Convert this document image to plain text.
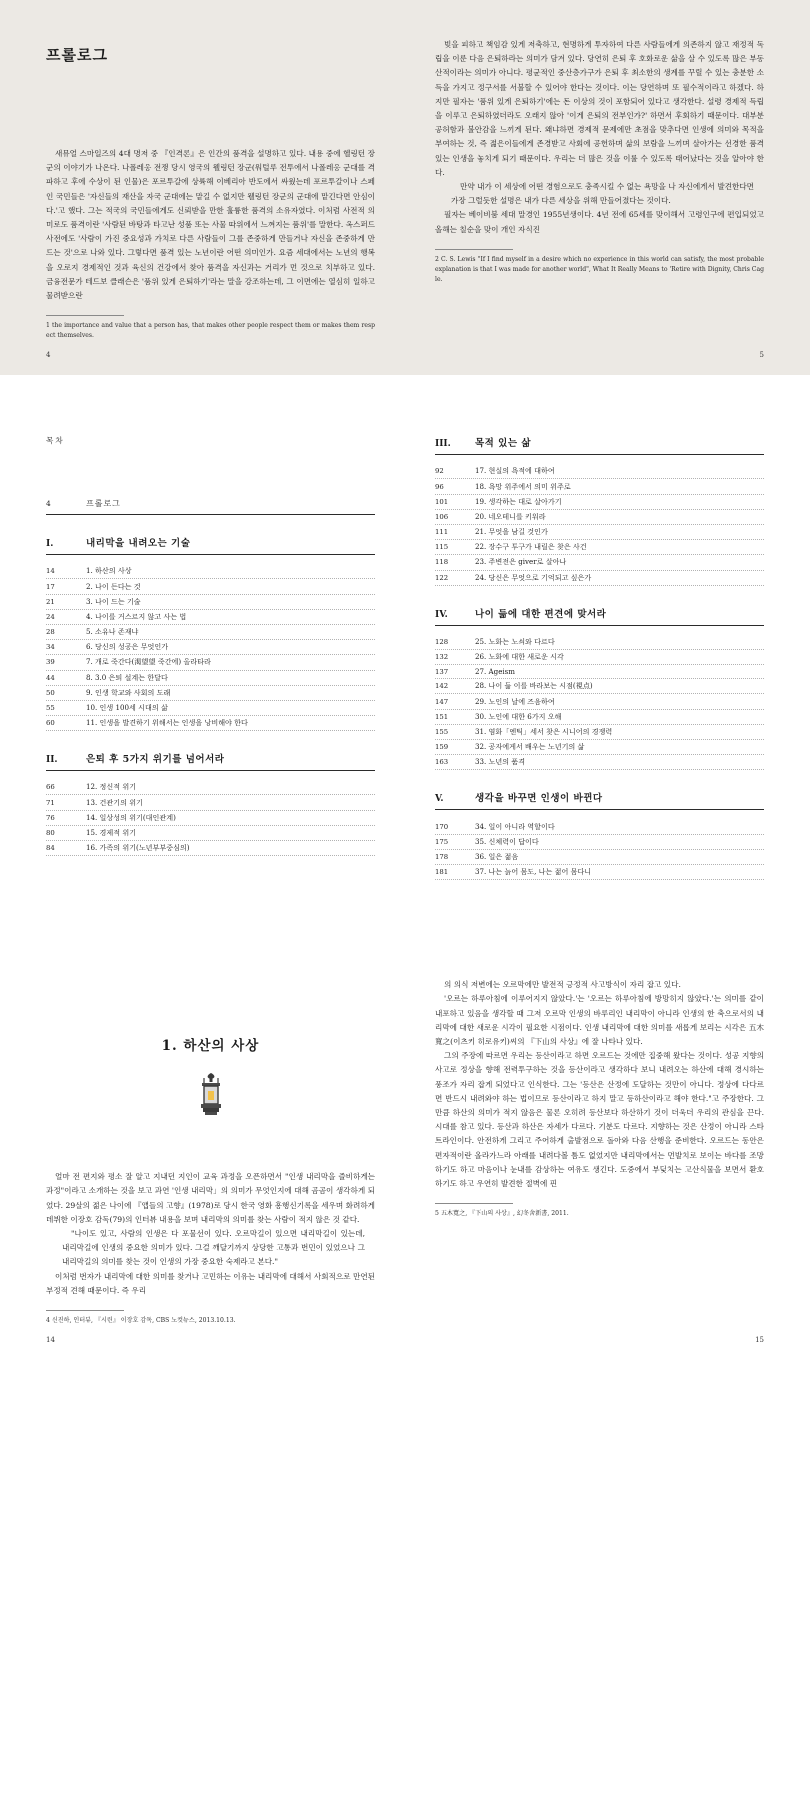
프롤로그

새뮤얼 스마일즈의 4대 명저 중 『인격론』은 인간의 품격을 설명하고 있다. 내용 중에 헬링턴 장군의 이야기가 나온다. 나폴레옹 전쟁 당시 영국의 웰링턴 장군(워털루 전투에서 나폴레옹 군대를 격파하고 후에 수상이 된 인물)은 포르투갈에 상륙해 이베리아 반도에서 싸웠는데 포르투갈이나 스페인 국민들은 '자신들의 재산을 자국 군대에는 맡길 수 없지만 웰링턴 장군의 군대에 맡긴다면 안심이다.'고 했다. 그는 적국의 국민들에게도 신뢰받을 만한 훌륭한 품격의 소유자였다. 이처럼 사전적 의미로도 품격이란 '사람된 바탕과 타고난 성품 또는 사물 따위에서 느껴지는 품위'를 말한다. 옥스퍼드 사전에도 '사람이 가진 중요성과 가치로 다른 사람들이 그를 존중하게 만들거나 자신을 존중하게 만드는 것'으로 나와 있다. 그렇다면 품격 있는 노년이란 어떤 의미인가. 요즘 세대에서는 노년의 행복을 오로지 경제적인 것과 육신의 건강에서 찾아 품격을 자신과는 거리가 먼 것으로 치부하고 있다. 금융전문가 테드보 클래슨은 '품위 있게 은퇴하기'라는 말을 강조하는데, 그 이면에는 열심히 일하고 물려받으란

1 the importance and value that a person has, that makes other people respect them or makes them respect themselves.
4

빚을 피하고 책임감 있게 저축하고, 현명하게 투자하여 다른 사람들에게 의존하지 않고 재정적 독립을 이룬 다음 은퇴하라는 의미가 담겨 있다. 당연히 은퇴 후 호화로운 삶을 살 수 있도록 많은 부동산적이라는 의미가 아니다. 평균적인 중산층가구가 은퇴 후 최소한의 생계를 꾸릴 수 있는 충분한 소득을 가지고 정구서를 서불할 수 있어야 한다는 것이다. 이는 당연하며 또 필수적이라고 하겠다. 하지만 필자는 '품위 있게 은퇴하기'에는 돈 이상의 것이 포함되어 있다고 생각한다. 설령 경제적 득립을 이루고 은퇴하였더라도 오래지 않아 '이게 은퇴의 전부인가?' 하면서 후회하기 때문이다. 대부분 공허함과 불안감을 느끼게 된다. 왜냐하면 경제적 문제에만 초점을 맞추다면 인생에 의미와 목적을 부여하는 것, 즉 젊은이들에게 존경받고 사회에 공헌하며 삶의 보람을 느끼며 살아가는 선경한 품격 있는 인생을 놓치게 되기 때문이다. 우리는 더 많은 것을 이룰 수 있도록 태어났다는 것을 알아야 한다.

만약 내가 이 세상에 어떤 경험으로도 충족시킬 수 없는 욕망을 나 자신에게서 발견한다면 가장 그럴듯한 설명은 내가 다른 세상을 위해 만들어졌다는 것이다.

필자는 베이비붐 세대 말경인 1955년생이다. 4년 전에 65세를 맞이해서 고령인구에 편입되었고 올해는 칠순을 맞이 개인 자식진

2 C. S. Lewis "If I find myself in a desire which no experience in this world can satisfy, the most probable explanation is that I was made for another world", What It Really Means to 'Retire with Dignity, Chris Cagle.
5
목차
4	프롤로그
I.	내리막을 내려오는 기술
14	1. 하산의 사상
17	2. 나이 든다는 것
21	3. 나이 드는 기술
24	4. 나이를 거스르지 않고 사는 법
28	5. 소유나 존재냐
34	6. 당신의 성공은 무엇인가
39	7. 개로 죽간다(渴望望 죽간에) 올라타라
44	8. 3.0 은퇴 설계는 한달다
50	9. 인생 학교와 사회의 도래
55	10. 인생 100세 시대의 삶
60	11. 인생을 발견하기 위해서는 인생을 낭비해야 한다
II.	은퇴 후 5가지 위기를 넘어서라
66	12. 정신적 위기
71	13. 건관기의 위기
76	14. 일상성의 위기(대인관계)
80	15. 경제적 위기
84	16. 가족의 위기(노년부부중심의)
III.	목적 있는 삶
92	17. 현실의 욕적에 대하여
96	18. 욕망 위주에서 의미 위주로
101	19. 생각하는 대로 살아가기
106	20. 네오테니를 키워라
111	21. 무엇을 남길 것인가
115	22. 장수구 투구가 내릴은 찾은 사건
118	23. 주변전은 giver로 살아나
122	24. 당신은 무엇으로 기억되고 싶은가
IV.	나이 듦에 대한 편견에 맞서라
128	25. 노화는 노쇠와 다르다
132	26. 노화에 대한 새로운 시각
137	27. Ageism
142	28. 나이 듦 이를 바라보는 시점(視点)
147	29. 노인의 날에 즈음하여
151	30. 노인에 대한 6가지 오해
155	31. 염화「엔틱」세서 찾은 시니어의 경쟁력
159	32. 공자에게서 배우는 노년기의 삶
163	33. 노년의 품격
V.	생각을 바꾸면 인생이 바뀐다
170	34. 일이 아니라 역할이다
175	35. 신체력이 답이다
178	36. 일은 젊음
181	37. 나는 늙어 몸도, 나는 젊어 몸다니
1. 하산의 사상

얼마 전 편지와 평소 잘 알고 지내던 지인이 교육 과정을 오픈하면서 "인생 내리막을 즐비하게는 과정"이라고 소개하는 것을 보고 과연 '인생 내리막」의 의미가 무엇인지에 대해 곰곰이 생각하게 되었다. 29살의 젊은 나이에 『앱들의 고향』(1978)로 당시 한국 영화 흥행신기록을 세우며 화려하게 데뷔한 이장호 감독(79)의 인터뷰 내용을 보며 내리막의 의미를 찾는 사람이 적지 않은 것 같다.

"나이도 있고, 사람의 인생은 다 포물선이 있다. 오르막길이 있으면 내리막길이 있는데, 내리막길에 인생의 중요한 의미가 있다. 그걸 깨달기까지 상당한 고통과 번민이 있었으나 그 내리막길의 의미를 찾는 것이 인생의 가장 중요한 숙제라고 본다."

이처럼 번자가 내리막에 대한 의미를 찾거나 고민하는 이유는 내리막에 대해서 사회적으로 만연된 부정적 견해 때문이다. 즉 우리

4 신진하, 인터뷰, 『시린』 이장호 감독, CBS 노컷뉴스, 2013.10.13.
14

의 의식 저변에는 오르막에만 발전적 긍정적 사고방식이 자리 잡고 있다.

'오르는 하루아침에 이루어지지 않았다.'는 '오르는 하루아침에 방망히지 않았다.'는 의미를 같이 내포하고 있음을 생각할 때 그저 오르막 인생의 바루리인 내리막이 아니라 인생의 한 축으로서의 내리막에 대한 새로운 시각이 필요한 시점이다. 인생 내리막에 대한 의미를 새롭게 보리는 시각은 五木寬之(이츠키 히로유키)씨의 『下山의 사상』에 잘 나타나 있다.

그의 주장에 따르면 우리는 등산이라고 하면 오르드는 것에만 집중해 왔다는 것이다. 성공 지향의 사고로 정상을 향해 전력투구하는 것을 등산이라고 생각하다 보니 내려오는 하산에 대해 경시하는 풍조가 자리 잡게 되었다고 인식한다. 그는 '등산은 산정에 도달하는 것만이 아니다. 정상에 다다르면 반드시 내려와야 하는 법이므로 등산이라고 하지 말고 등하산이라고 해야 한다."고 주장한다. 그만큼 하산의 의미가 적지 않음은 물론 오히려 등산보다 하산하기 것이 더욱더 우리의 관심을 끈다. 시대를 참고 있다. 등산과 하산은 자세가 다르다. 기분도 다르다. 지향하는 것은 산정이 아니라 스타트라인이다. 안전하게 그리고 주어하게 출발점으로 돌아와 다음 산행을 준비한다. 오르드는 동안은 편자적이란 올라가느라 아래를 내려다볼 틈도 없었지만 내리막에서는 먼발치로 보이는 바다를 조망하기도 하고 마음이나 눈내를 감상하는 여유도 생긴다. 도중에서 부딪치는 고산식물을 보면서 환호하기도 하고 우연히 발견한 절벽에 핀

5 五木寬之, 『下山의 사상』, 幻冬舍新書, 2011.
15
